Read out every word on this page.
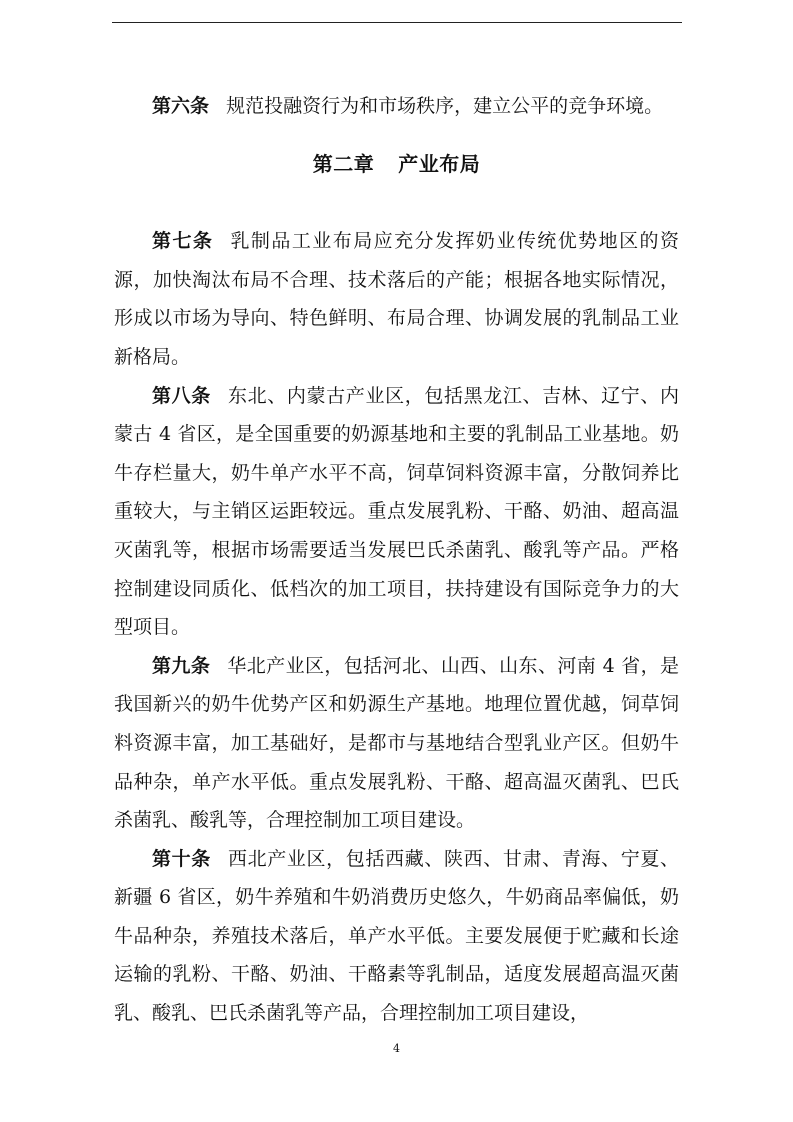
第六条 规范投融资行为和市场秩序，建立公平的竞争环境。

第二章 产业布局

第七条 乳制品工业布局应充分发挥奶业传统优势地区的资源，加快淘汰布局不合理、技术落后的产能；根据各地实际情况，形成以市场为导向、特色鲜明、布局合理、协调发展的乳制品工业新格局。

第八条 东北、内蒙古产业区，包括黑龙江、吉林、辽宁、内蒙古 4 省区，是全国重要的奶源基地和主要的乳制品工业基地。奶牛存栏量大，奶牛单产水平不高，饲草饲料资源丰富，分散饲养比重较大，与主销区运距较远。重点发展乳粉、干酪、奶油、超高温灭菌乳等，根据市场需要适当发展巴氏杀菌乳、酸乳等产品。严格控制建设同质化、低档次的加工项目，扶持建设有国际竞争力的大型项目。

第九条 华北产业区，包括河北、山西、山东、河南 4 省，是我国新兴的奶牛优势产区和奶源生产基地。地理位置优越，饲草饲料资源丰富，加工基础好，是都市与基地结合型乳业产区。但奶牛品种杂，单产水平低。重点发展乳粉、干酪、超高温灭菌乳、巴氏杀菌乳、酸乳等，合理控制加工项目建设。

第十条 西北产业区，包括西藏、陕西、甘肃、青海、宁夏、新疆 6 省区，奶牛养殖和牛奶消费历史悠久，牛奶商品率偏低，奶牛品种杂，养殖技术落后，单产水平低。主要发展便于贮藏和长途运输的乳粉、干酪、奶油、干酪素等乳制品，适度发展超高温灭菌乳、酸乳、巴氏杀菌乳等产品，合理控制加工项目建设，

4
